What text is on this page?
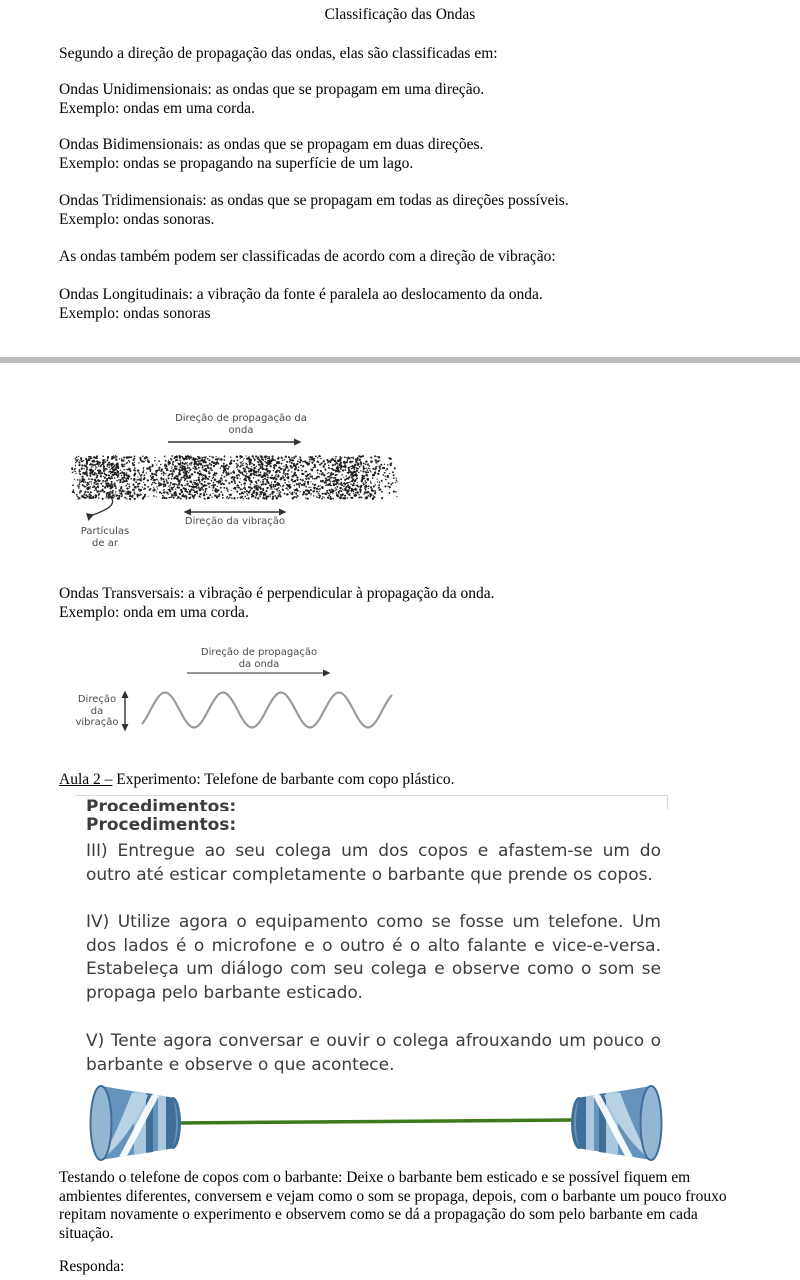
Classificação das Ondas
Segundo a direção de propagação das ondas, elas são classificadas em:
Ondas Unidimensionais: as ondas que se propagam em uma direção.
Exemplo: ondas em uma corda.
Ondas Bidimensionais: as ondas que se propagam em duas direções.
Exemplo: ondas se propagando na superfície de um lago.
Ondas Tridimensionais: as ondas que se propagam em todas as direções possíveis.
Exemplo: ondas sonoras.
As ondas também podem ser classificadas de acordo com a direção de vibração:
Ondas Longitudinais: a vibração da fonte é paralela ao deslocamento da onda.
Exemplo: ondas sonoras
Direção de propagação da
onda
Direção da vibração
Partículas
de ar
Ondas Transversais: a vibração é perpendicular à propagação da onda.
Exemplo: onda em uma corda.
Direção de propagação
da onda
Direção
da
vibração
Aula 2 – Experimento: Telefone de barbante com copo plástico.
Procedimentos:
Procedimentos:
III) Entregue ao seu colega um dos copos e afastem-se um do outro até esticar completamente o barbante que prende os copos.
IV) Utilize agora o equipamento como se fosse um telefone. Um dos lados é o microfone e o outro é o alto falante e vice-e-versa. Estabeleça um diálogo com seu colega e observe como o som se propaga pelo barbante esticado.
V) Tente agora conversar e ouvir o colega afrouxando um pouco o barbante e observe o que acontece.
Testando o telefone de copos com o barbante: Deixe o barbante bem esticado e se possível fiquem em ambientes diferentes, conversem e vejam como o som se propaga, depois, com o barbante um pouco frouxo repitam novamente o experimento e observem como se dá a propagação do som pelo barbante em cada situação.
Responda:
